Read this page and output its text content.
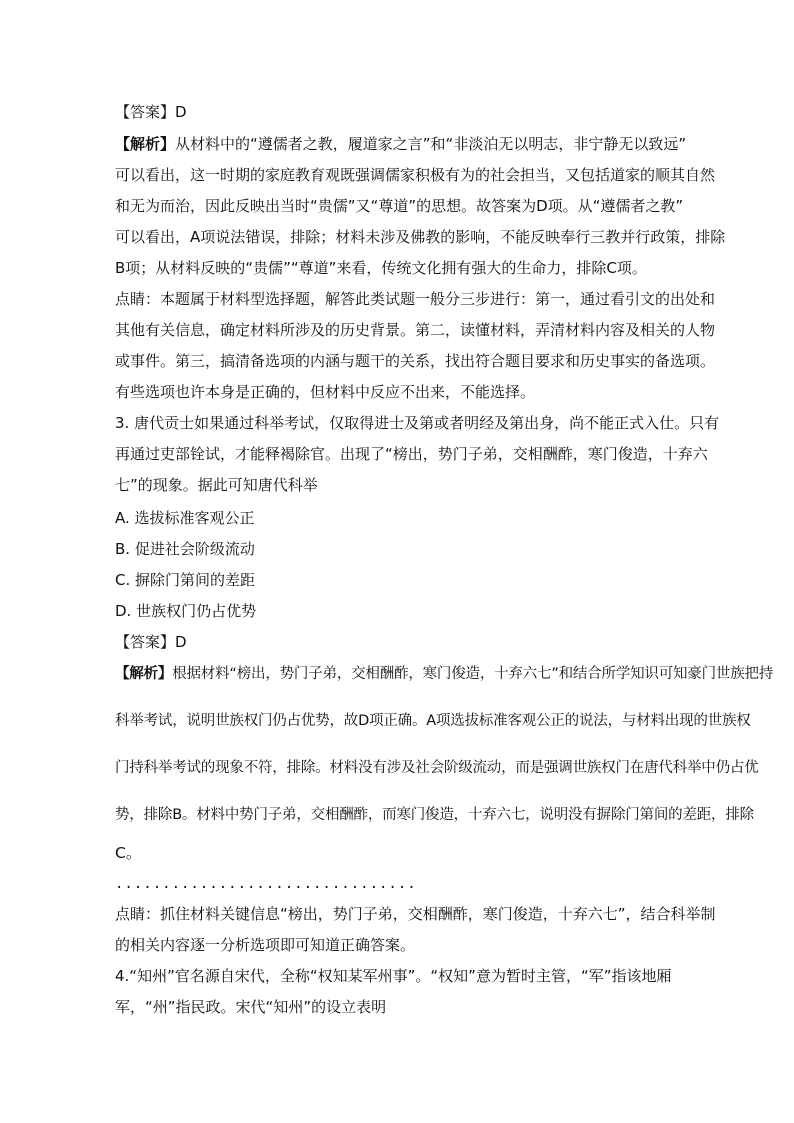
【答案】D
【解析】从材料中的“遵儒者之教，履道家之言”和“非淡泊无以明志，非宁静无以致远”
可以看出，这一时期的家庭教育观既强调儒家积极有为的社会担当，又包括道家的顺其自然
和无为而治，因此反映出当时“贵儒”又“尊道”的思想。故答案为D项。从“遵儒者之教”
可以看出，A项说法错误，排除；材料未涉及佛教的影响，不能反映奉行三教并行政策，排除
B项；从材料反映的“贵儒”“尊道”来看，传统文化拥有强大的生命力，排除C项。
点睛：本题属于材料型选择题，解答此类试题一般分三步进行：第一，通过看引文的出处和
其他有关信息，确定材料所涉及的历史背景。第二，读懂材料，弄清材料内容及相关的人物
或事件。第三，搞清备选项的内涵与题干的关系，找出符合题目要求和历史事实的备选项。
有些选项也许本身是正确的，但材料中反应不出来，不能选择。
3. 唐代贡士如果通过科举考试，仅取得进士及第或者明经及第出身，尚不能正式入仕。只有
再通过吏部铨试，才能释褐除官。出现了“榜出，势门子弟，交相酬酢，寒门俊造，十弃六
七”的现象。据此可知唐代科举
A. 选拔标准客观公正
B. 促进社会阶级流动
C. 摒除门第间的差距
D. 世族权门仍占优势
【答案】D
【解析】根据材料“榜出，势门子弟，交相酬酢，寒门俊造，十弃六七”和结合所学知识可知豪门世族把持
科举考试，说明世族权门仍占优势，故D项正确。A项选拔标准客观公正的说法，与材料出现的世族权
门持科举考试的现象不符，排除。材料没有涉及社会阶级流动，而是强调世族权门在唐代科举中仍占优
势，排除B。材料中势门子弟，交相酬酢，而寒门俊造，十弃六七，说明没有摒除门第间的差距，排除
C。
................................
点睛：抓住材料关键信息“榜出，势门子弟，交相酬酢，寒门俊造，十弃六七”，结合科举制
的相关内容逐一分析选项即可知道正确答案。
4.“知州”官名源自宋代，全称“权知某军州事”。“权知”意为暂时主管，“军”指该地厢
军，“州”指民政。宋代“知州”的设立表明
